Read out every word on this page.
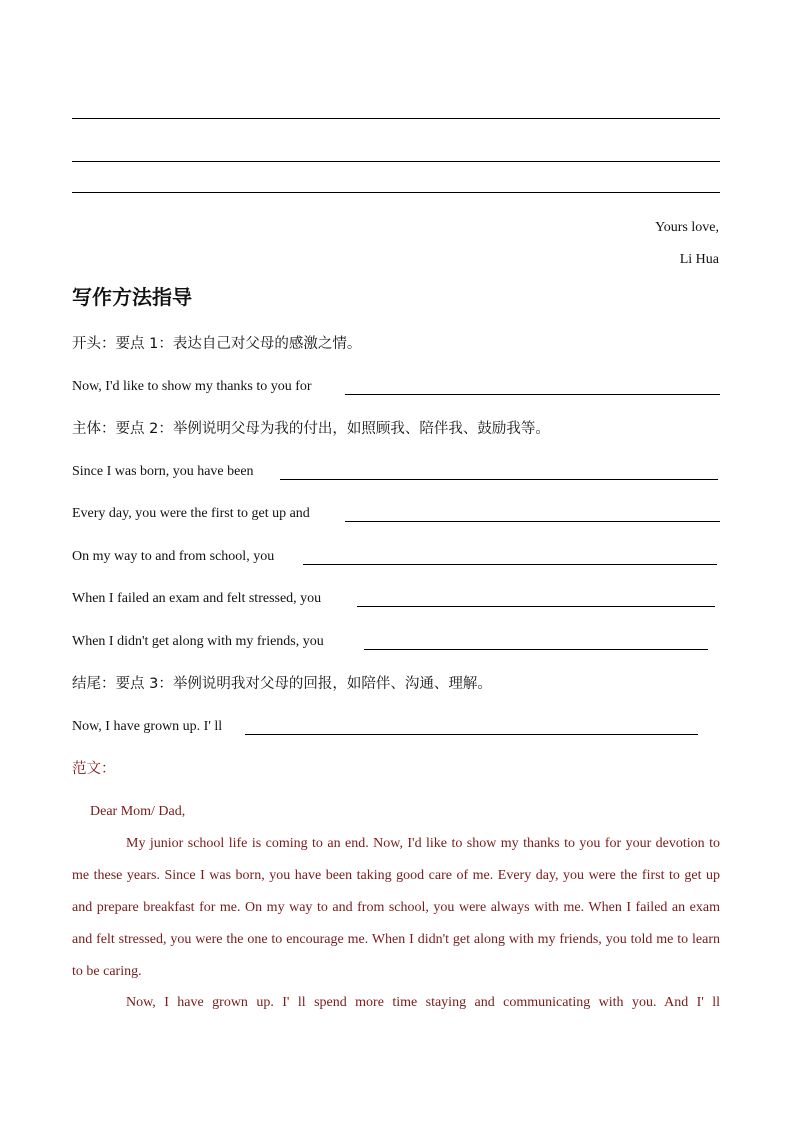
Yours love,
Li Hua
写作方法指导
开头：要点 1：表达自己对父母的感激之情。
Now, I'd like to show my thanks to you for
主体：要点 2：举例说明父母为我的付出，如照顾我、陪伴我、鼓励我等。
Since I was born, you have been
Every day, you were the first to get up and
On my way to and from school, you
When I failed an exam and felt stressed, you
When I didn't get along with my friends, you
结尾：要点 3：举例说明我对父母的回报，如陪伴、沟通、理解。
Now, I have grown up. I' ll
范文：
Dear Mom/ Dad,
My junior school life is coming to an end. Now, I'd like to show my thanks to you for your devotion to me these years. Since I was born, you have been taking good care of me. Every day, you were the first to get up and prepare breakfast for me. On my way to and from school, you were always with me. When I failed an exam and felt stressed, you were the one to encourage me. When I didn't get along with my friends, you told me to learn to be caring.
Now, I have grown up. I' ll spend more time staying and communicating with you. And I' ll
